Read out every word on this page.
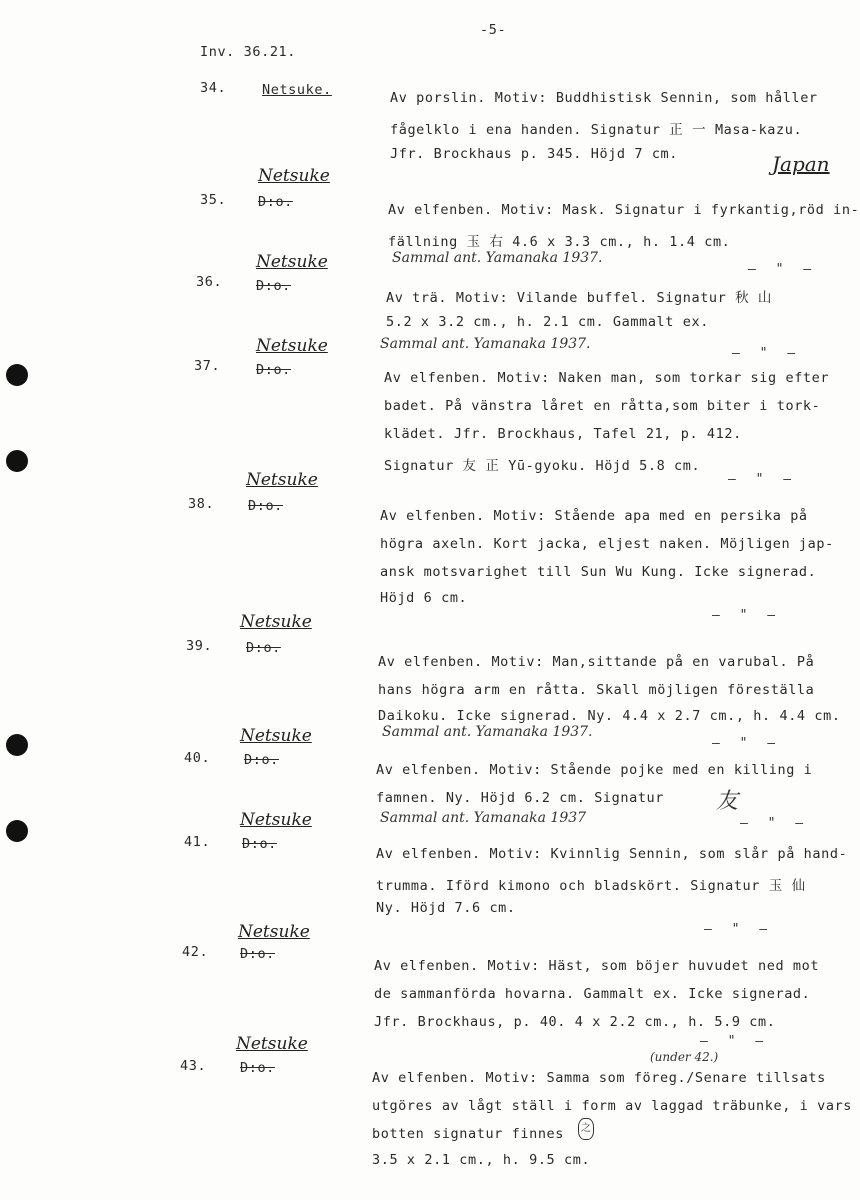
-5-
Inv. 36.21.
34.	Netsuke.	Av porslin. Motiv: Buddhistisk Sennin, som håller
fågelklo i ena handen. Signatur 正 一 Masa-kazu.
Jfr. Brockhaus p. 345. Höjd 7 cm.	Japan
Netsuke
35. D:o.	Av elfenben. Motiv: Mask. Signatur i fyrkantig,röd in-
fällning 玉 右 4.6 x 3.3 cm., h. 1.4 cm.
Sammal ant. Yamanaka 1937.
— " —
Netsuke
36.	D:o.
Av trä. Motiv: Vilande buffel. Signatur 秋 山
5.2 x 3.2 cm., h. 2.1 cm. Gammalt ex.
Sammal ant. Yamanaka 1937.
— " —
Netsuke
37.	D:o.	Av elfenben. Motiv: Naken man, som torkar sig efter
badet. På vänstra låret en råtta,som biter i tork-
klädet. Jfr. Brockhaus, Tafel 21, p. 412.
Signatur 友 正 Yū-gyoku. Höjd 5.8 cm.
— " —
Netsuke
38.	D:o.
Av elfenben. Motiv: Stående apa med en persika på
högra axeln. Kort jacka, eljest naken. Möjligen jap-
ansk motsvarighet till Sun Wu Kung. Icke signerad.
Höjd 6 cm.
— " —
Netsuke
39.	D:o.
Av elfenben. Motiv: Man,sittande på en varubal. På
hans högra arm en råtta. Skall möjligen föreställa
Daikoku. Icke signerad. Ny. 4.4 x 2.7 cm., h. 4.4 cm.
Sammal ant. Yamanaka 1937.
— " —
Netsuke
40.	D:o.
Av elfenben. Motiv: Stående pojke med en killing i
famnen. Ny. Höjd 6.2 cm. Signatur 友
Sammal ant. Yamanaka 1937	— " —
Netsuke
41. D:o.
Av elfenben. Motiv: Kvinnlig Sennin, som slår på hand-
trumma. Iförd kimono och bladskört. Signatur 玉 仙
Ny. Höjd 7.6 cm.
— " —
Netsuke
42. D:o.
Av elfenben. Motiv: Häst, som böjer huvudet ned mot
de sammanförda hovarna. Gammalt ex. Icke signerad.
Jfr. Brockhaus, p. 40. 4 x 2.2 cm., h. 5.9 cm.
— " —
Netsuke
43.	D:o.
(under 42.)
Av elfenben. Motiv: Samma som föreg./Senare tillsats
utgöres av lågt ställ i form av laggad träbunke, i vars
botten signatur finnes	之
3.5 x 2.1 cm., h. 9.5 cm.
